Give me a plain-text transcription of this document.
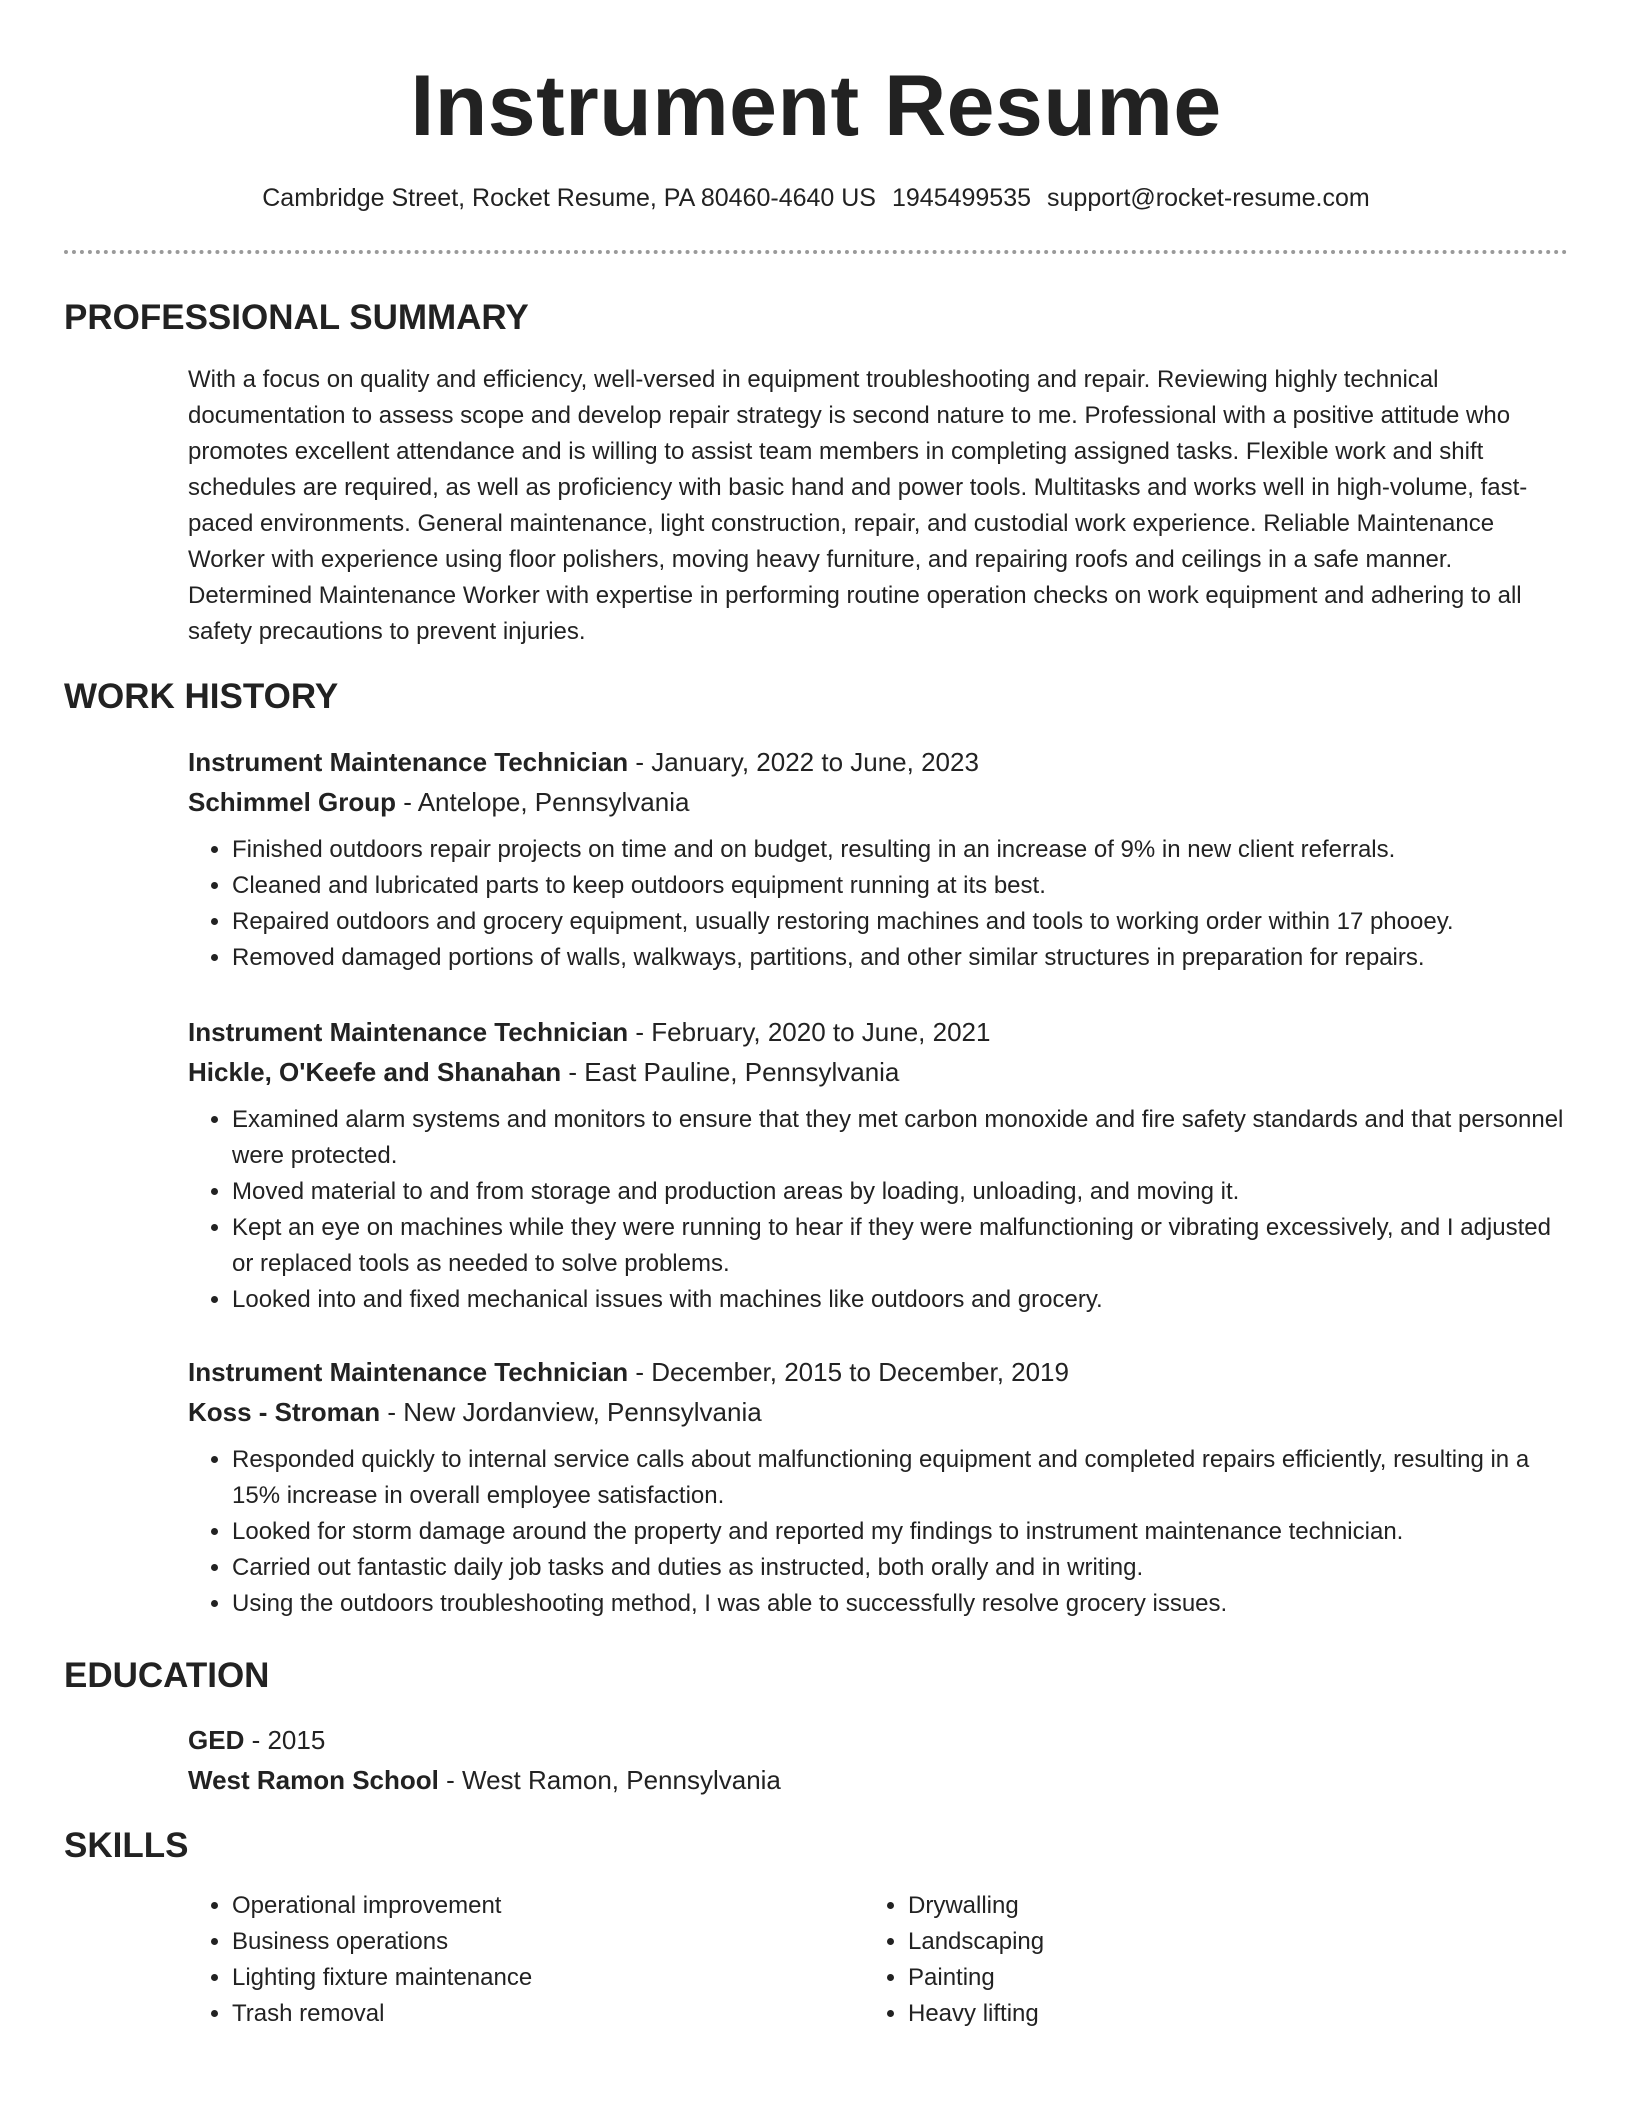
Instrument Resume
Cambridge Street, Rocket Resume, PA 80460-4640 US 1945499535 support@rocket-resume.com
PROFESSIONAL SUMMARY

With a focus on quality and efficiency, well-versed in equipment troubleshooting and repair. Reviewing highly technical documentation to assess scope and develop repair strategy is second nature to me. Professional with a positive attitude who promotes excellent attendance and is willing to assist team members in completing assigned tasks. Flexible work and shift schedules are required, as well as proficiency with basic hand and power tools. Multitasks and works well in high-volume, fast-paced environments. General maintenance, light construction, repair, and custodial work experience. Reliable Maintenance Worker with experience using floor polishers, moving heavy furniture, and repairing roofs and ceilings in a safe manner. Determined Maintenance Worker with expertise in performing routine operation checks on work equipment and adhering to all safety precautions to prevent injuries.

WORK HISTORY

Instrument Maintenance Technician - January, 2022 to June, 2023

Schimmel Group - Antelope, Pennsylvania

• Finished outdoors repair projects on time and on budget, resulting in an increase of 9% in new client referrals.
• Cleaned and lubricated parts to keep outdoors equipment running at its best.
• Repaired outdoors and grocery equipment, usually restoring machines and tools to working order within 17 phooey.
• Removed damaged portions of walls, walkways, partitions, and other similar structures in preparation for repairs.

Instrument Maintenance Technician - February, 2020 to June, 2021

Hickle, O'Keefe and Shanahan - East Pauline, Pennsylvania

• Examined alarm systems and monitors to ensure that they met carbon monoxide and fire safety standards and that personnel were protected.
• Moved material to and from storage and production areas by loading, unloading, and moving it.
• Kept an eye on machines while they were running to hear if they were malfunctioning or vibrating excessively, and I adjusted or replaced tools as needed to solve problems.
• Looked into and fixed mechanical issues with machines like outdoors and grocery.

Instrument Maintenance Technician - December, 2015 to December, 2019

Koss - Stroman - New Jordanview, Pennsylvania

• Responded quickly to internal service calls about malfunctioning equipment and completed repairs efficiently, resulting in a 15% increase in overall employee satisfaction.
• Looked for storm damage around the property and reported my findings to instrument maintenance technician.
• Carried out fantastic daily job tasks and duties as instructed, both orally and in writing.
• Using the outdoors troubleshooting method, I was able to successfully resolve grocery issues.
EDUCATION

GED - 2015

West Ramon School - West Ramon, Pennsylvania

SKILLS
• Operational improvement
• Business operations
• Lighting fixture maintenance
• Trash removal
• Drywalling
• Landscaping
• Painting
• Heavy lifting
